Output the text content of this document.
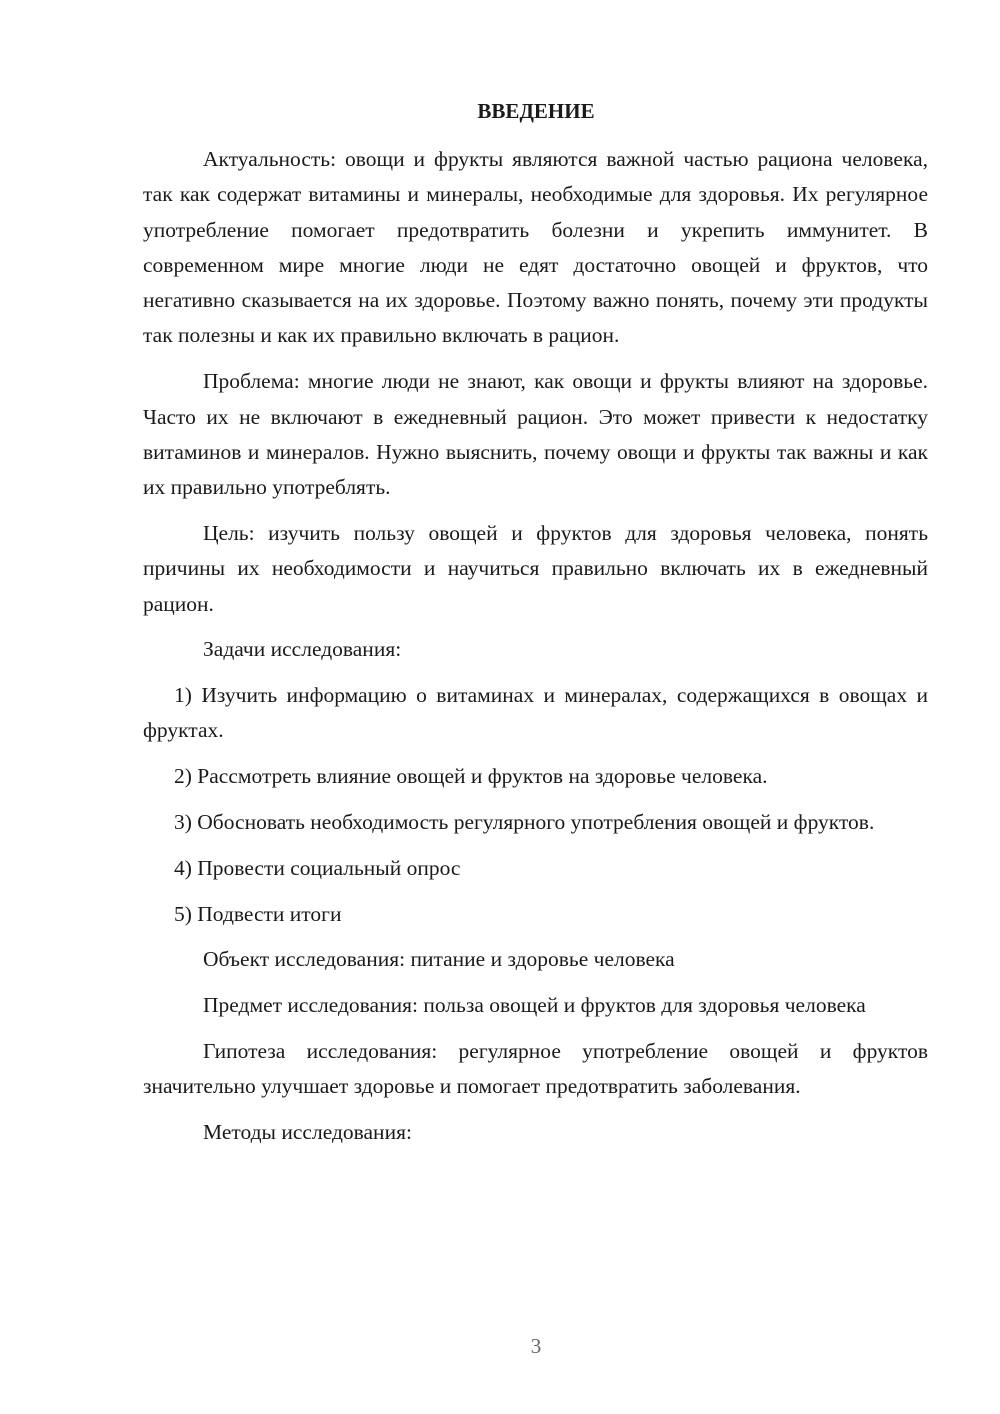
ВВЕДЕНИЕ

Актуальность: овощи и фрукты являются важной частью рациона человека, так как содержат витамины и минералы, необходимые для здоровья. Их регулярное употребление помогает предотвратить болезни и укрепить иммунитет. В современном мире многие люди не едят достаточно овощей и фруктов, что негативно сказывается на их здоровье. Поэтому важно понять, почему эти продукты так полезны и как их правильно включать в рацион.

Проблема: многие люди не знают, как овощи и фрукты влияют на здоровье. Часто их не включают в ежедневный рацион. Это может привести к недостатку витаминов и минералов. Нужно выяснить, почему овощи и фрукты так важны и как их правильно употреблять.

Цель: изучить пользу овощей и фруктов для здоровья человека, понять причины их необходимости и научиться правильно включать их в ежедневный рацион.

Задачи исследования:

1) Изучить информацию о витаминах и минералах, содержащихся в овощах и фруктах.

2) Рассмотреть влияние овощей и фруктов на здоровье человека.

3) Обосновать необходимость регулярного употребления овощей и фруктов.

4) Провести социальный опрос

5) Подвести итоги

Объект исследования: питание и здоровье человека

Предмет исследования: польза овощей и фруктов для здоровья человека

Гипотеза исследования: регулярное употребление овощей и фруктов значительно улучшает здоровье и помогает предотвратить заболевания.

Методы исследования:

3
